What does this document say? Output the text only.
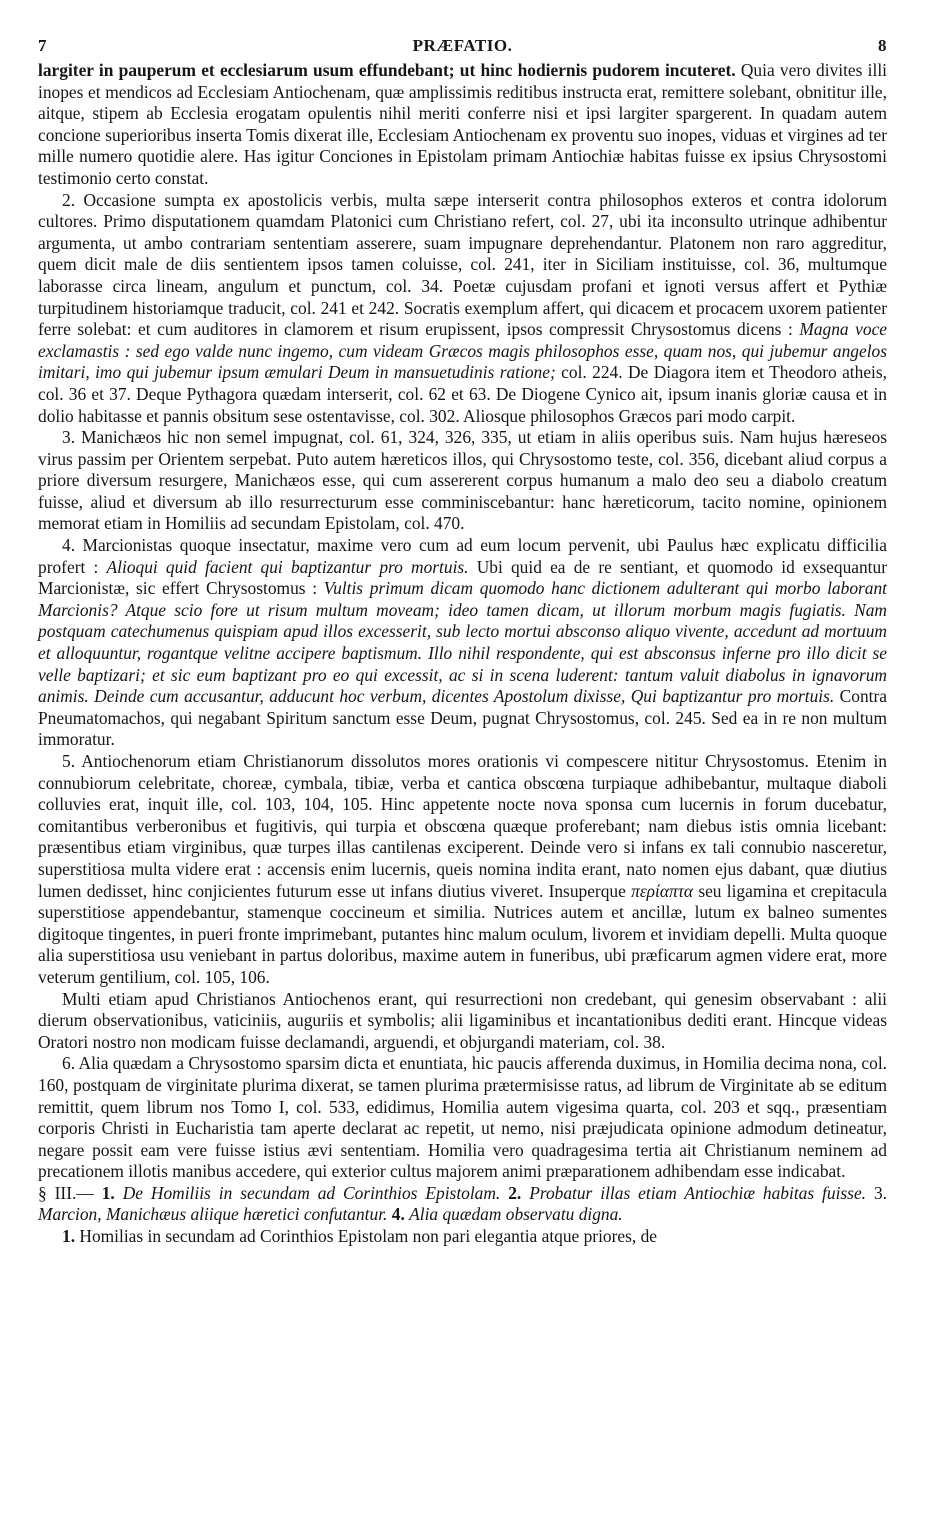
7	PRÆFATIO.	8

largiter in pauperum et ecclesiarum usum effundebant; ut hinc hodiernis pudorem incuteret. Quia vero divites illi inopes et mendicos ad Ecclesiam Antiochenam, quæ amplissimis reditibus instructa erat, remittere solebant, obnititur ille, aitque, stipem ab Ecclesia erogatam opulentis nihil meriti conferre nisi et ipsi largiter spargerent. In quadam autem concione superioribus inserta Tomis dixerat ille, Ecclesiam Antiochenam ex proventu suo inopes, viduas et virgines ad ter mille numero quotidie alere. Has igitur Conciones in Epistolam primam Antiochiæ habitas fuisse ex ipsius Chrysostomi testimonio certo constat.

2. Occasione sumpta ex apostolicis verbis, multa sæpe interserit contra philosophos exteros et contra idolorum cultores. Primo disputationem quamdam Platonici cum Christiano refert, col. 27, ubi ita inconsulto utrinque adhibentur argumenta, ut ambo contrariam sententiam asserere, suam impugnare deprehendantur. Platonem non raro aggreditur, quem dicit male de diis sentientem ipsos tamen coluisse, col. 241, iter in Siciliam instituisse, col. 36, multumque laborasse circa lineam, angulum et punctum, col. 34. Poetæ cujusdam profani et ignoti versus affert et Pythiæ turpitudinem historiamque traducit, col. 241 et 242. Socratis exemplum affert, qui dicacem et procacem uxorem patienter ferre solebat: et cum auditores in clamorem et risum erupissent, ipsos compressit Chrysostomus dicens : Magna voce exclamastis : sed ego valde nunc ingemo, cum videam Græcos magis philosophos esse, quam nos, qui jubemur angelos imitari, imo qui jubemur ipsum æmulari Deum in mansuetudinis ratione; col. 224. De Diagora item et Theodoro atheis, col. 36 et 37. Deque Pythagora quædam interserit, col. 62 et 63. De Diogene Cynico ait, ipsum inanis gloriæ causa et in dolio habitasse et pannis obsitum sese ostentavisse, col. 302. Aliosque philosophos Græcos pari modo carpit.

3. Manichæos hic non semel impugnat, col. 61, 324, 326, 335, ut etiam in aliis operibus suis. Nam hujus hæreseos virus passim per Orientem serpebat. Puto autem hæreticos illos, qui Chrysostomo teste, col. 356, dicebant aliud corpus a priore diversum resurgere, Manichæos esse, qui cum assererent corpus humanum a malo deo seu a diabolo creatum fuisse, aliud et diversum ab illo resurrecturum esse comminiscebantur: hanc hæreticorum, tacito nomine, opinionem memorat etiam in Homiliis ad secundam Epistolam, col. 470.

4. Marcionistas quoque insectatur, maxime vero cum ad eum locum pervenit, ubi Paulus hæc explicatu difficilia profert : Alioqui quid facient qui baptizantur pro mortuis. Ubi quid ea de re sentiant, et quomodo id exsequantur Marcionistæ, sic effert Chrysostomus : Vultis primum dicam quomodo hanc dictionem adulterant qui morbo laborant Marcionis? Atque scio fore ut risum multum moveam; ideo tamen dicam, ut illorum morbum magis fugiatis. Nam postquam catechumenus quispiam apud illos excesserit, sub lecto mortui absconso aliquo vivente, accedunt ad mortuum et alloquuntur, rogantque velitne accipere baptismum. Illo nihil respondente, qui est absconsus inferne pro illo dicit se velle baptizari; et sic eum baptizant pro eo qui excessit, ac si in scena luderent: tantum valuit diabolus in ignavorum animis. Deinde cum accusantur, adducunt hoc verbum, dicentes Apostolum dixisse, Qui baptizantur pro mortuis. Contra Pneumatomachos, qui negabant Spiritum sanctum esse Deum, pugnat Chrysostomus, col. 245. Sed ea in re non multum immoratur.

5. Antiochenorum etiam Christianorum dissolutos mores orationis vi compescere nititur Chrysostomus. Etenim in connubiorum celebritate, choreæ, cymbala, tibiæ, verba et cantica obscœna turpiaque adhibebantur, multaque diaboli colluvies erat, inquit ille, col. 103, 104, 105. Hinc appetente nocte nova sponsa cum lucernis in forum ducebatur, comitantibus verberonibus et fugitivis, qui turpia et obscœna quæque proferebant; nam diebus istis omnia licebant: præsentibus etiam virginibus, quæ turpes illas cantilenas exciperent. Deinde vero si infans ex tali connubio nasceretur, superstitiosa multa videre erat : accensis enim lucernis, queis nomina indita erant, nato nomen ejus dabant, quæ diutius lumen dedisset, hinc conjicientes futurum esse ut infans diutius viveret. Insuperque περίαπτα seu ligamina et crepitacula superstitiose appendebantur, stamenque coccineum et similia. Nutrices autem et ancillæ, lutum ex balneo sumentes digitoque tingentes, in pueri fronte imprimebant, putantes hinc malum oculum, livorem et invidiam depelli. Multa quoque alia superstitiosa usu veniebant in partus doloribus, maxime autem in funeribus, ubi præficarum agmen videre erat, more veterum gentilium, col. 105, 106.

Multi etiam apud Christianos Antiochenos erant, qui resurrectioni non credebant, qui genesim observabant : alii dierum observationibus, vaticiniis, auguriis et symbolis; alii ligaminibus et incantationibus dediti erant. Hincque videas Oratori nostro non modicam fuisse declamandi, arguendi, et objurgandi materiam, col. 38.

6. Alia quædam a Chrysostomo sparsim dicta et enuntiata, hic paucis afferenda duximus, in Homilia decima nona, col. 160, postquam de virginitate plurima dixerat, se tamen plurima prætermisisse ratus, ad librum de Virginitate ab se editum remittit, quem librum nos Tomo I, col. 533, edidimus, Homilia autem vigesima quarta, col. 203 et sqq., præsentiam corporis Christi in Eucharistia tam aperte declarat ac repetit, ut nemo, nisi præjudicata opinione admodum detineatur, negare possit eam vere fuisse istius ævi sententiam. Homilia vero quadragesima tertia ait Christianum neminem ad precationem illotis manibus accedere, qui exterior cultus majorem animi præparationem adhibendam esse indicabat.

§ III.— 1. De Homiliis in secundam ad Corinthios Epistolam. 2. Probatur illas etiam Antiochiæ habitas fuisse. 3. Marcion, Manichæus aliique hæretici confutantur. 4. Alia quædam observatu digna.

1. Homilias in secundam ad Corinthios Epistolam non pari elegantia atque priores, de
